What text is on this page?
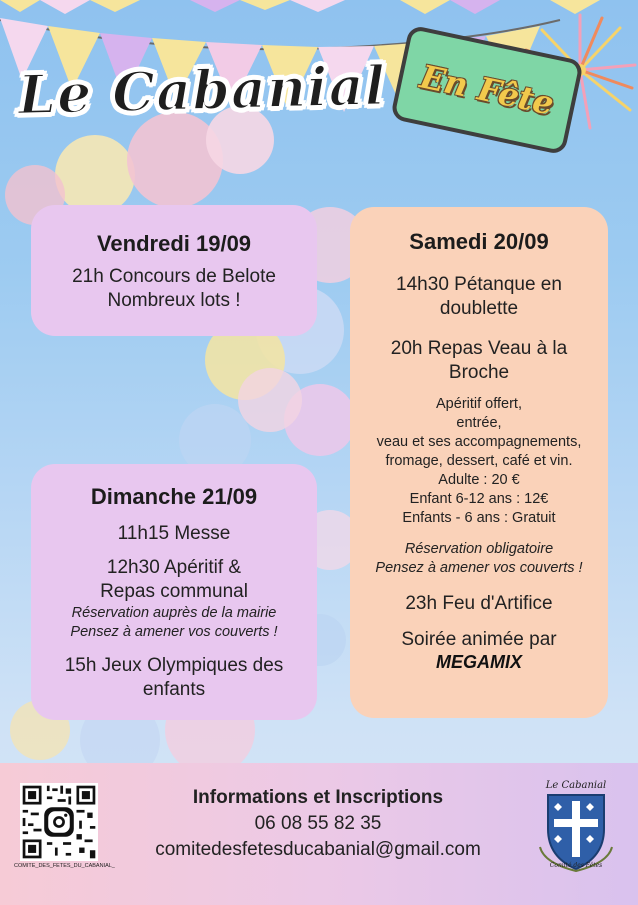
Le Cabanial En Fête
Vendredi 19/09
21h Concours de Belote
Nombreux lots !
Samedi 20/09
14h30 Pétanque en
doublette
20h Repas Veau à la
Broche
Apéritif offert,
entrée,
veau et ses accompagnements,
fromage, dessert, café et vin.
Adulte : 20 €
Enfant 6-12 ans : 12€
Enfants - 6 ans : Gratuit
Réservation obligatoire
Pensez à amener vos couverts !
23h Feu d'Artifice
Soirée animée par
MEGAMIX
Dimanche 21/09
11h15 Messe
12h30 Apéritif &
Repas communal
Réservation auprès de la mairie
Pensez à amener vos couverts !
15h Jeux Olympiques des
enfants
COMITE_DES_FETES_DU_CABANIAL_
Informations et Inscriptions
06 08 55 82 35
comitedesfetesducabanial@gmail.com
Le Cabanial
Comité des Fêtes
